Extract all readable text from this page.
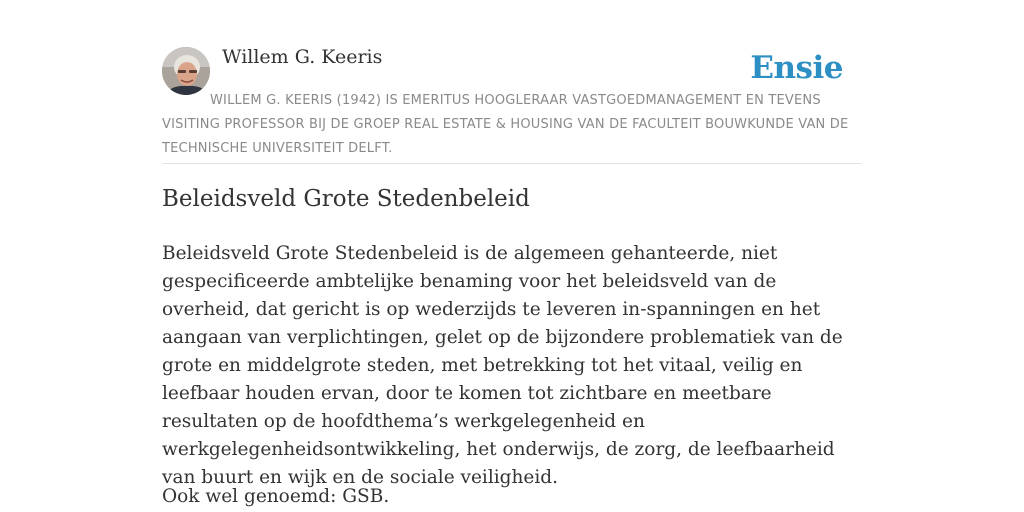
Willem G. Keeris	Ensie
WILLEM G. KEERIS (1942) IS EMERITUS HOOGLERAAR VASTGOEDMANAGEMENT EN TEVENS VISITING PROFESSOR BIJ DE GROEP REAL ESTATE & HOUSING VAN DE FACULTEIT BOUWKUNDE VAN DE TECHNISCHE UNIVERSITEIT DELFT.
Beleidsveld Grote Stedenbeleid

Beleidsveld Grote Stedenbeleid is de algemeen gehanteerde, niet gespecificeerde ambtelijke benaming voor het beleidsveld van de overheid, dat gericht is op wederzijds te leveren in-spanningen en het aangaan van verplichtingen, gelet op de bijzondere problematiek van de grote en middelgrote steden, met betrekking tot het vitaal, veilig en leefbaar houden ervan, door te komen tot zichtbare en meetbare resultaten op de hoofdthema’s werkgelegenheid en werkgelegenheidsontwikkeling, het onderwijs, de zorg, de leefbaarheid van buurt en wijk en de sociale veiligheid.

Ook wel genoemd: GSB.
